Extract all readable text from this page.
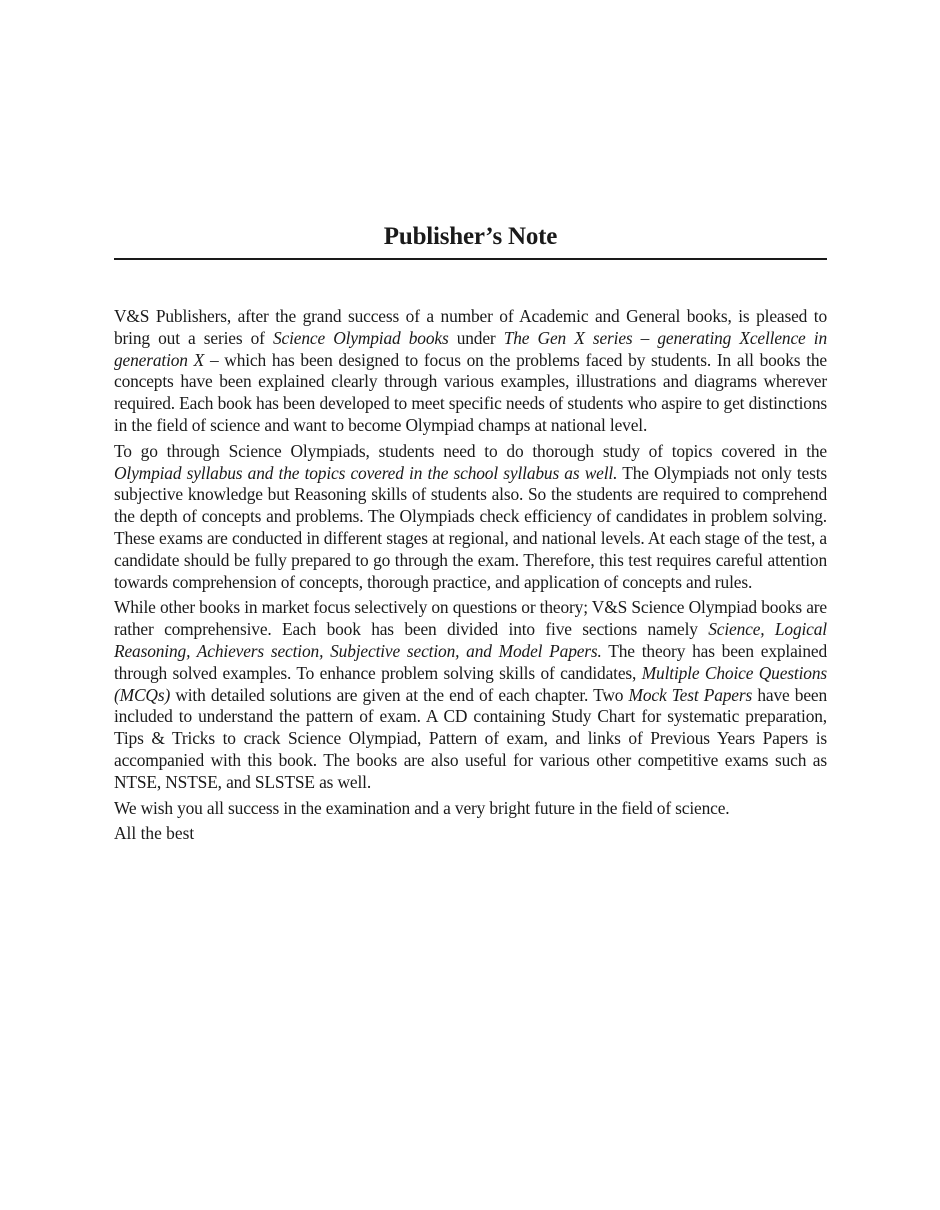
Publisher’s Note

V&S Publishers, after the grand success of a number of Academic and General books, is pleased to bring out a series of Science Olympiad books under The Gen X series – generating Xcellence in generation X – which has been designed to focus on the problems faced by students. In all books the concepts have been explained clearly through various examples, illustrations and diagrams wherever required. Each book has been developed to meet specific needs of students who aspire to get distinctions in the field of science and want to become Olympiad champs at national level.

To go through Science Olympiads, students need to do thorough study of topics covered in the Olympiad syllabus and the topics covered in the school syllabus as well. The Olympiads not only tests subjective knowledge but Reasoning skills of students also. So the students are required to comprehend the depth of concepts and problems. The Olympiads check efficiency of candidates in problem solving. These exams are conducted in different stages at regional, and national levels. At each stage of the test, a candidate should be fully prepared to go through the exam. Therefore, this test requires careful attention towards comprehension of concepts, thorough practice, and application of concepts and rules.

While other books in market focus selectively on questions or theory; V&S Science Olympiad books are rather comprehensive. Each book has been divided into five sections namely Science, Logical Reasoning, Achievers section, Subjective section, and Model Papers. The theory has been explained through solved examples. To enhance problem solving skills of candidates, Multiple Choice Questions (MCQs) with detailed solutions are given at the end of each chapter. Two Mock Test Papers have been included to understand the pattern of exam. A CD containing Study Chart for systematic preparation, Tips & Tricks to crack Science Olympiad, Pattern of exam, and links of Previous Years Papers is accompanied with this book. The books are also useful for various other competitive exams such as NTSE, NSTSE, and SLSTSE as well.

We wish you all success in the examination and a very bright future in the field of science.

All the best
